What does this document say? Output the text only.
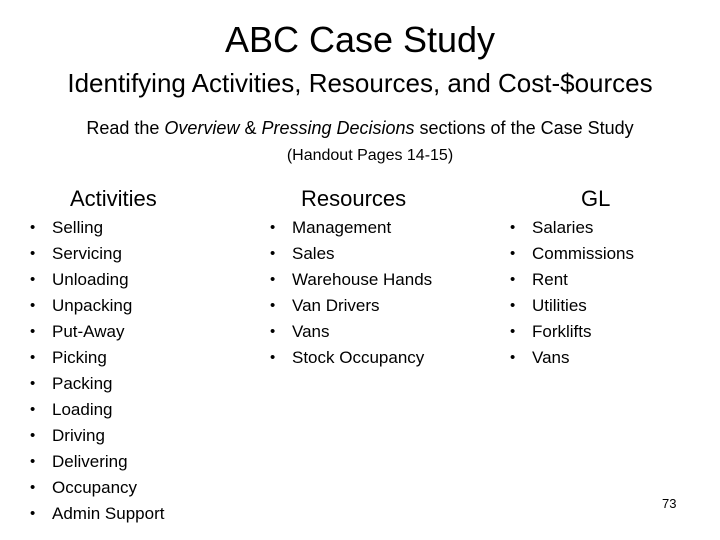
ABC Case Study
Identifying Activities, Resources, and Cost-$ources
Read the Overview & Pressing Decisions sections of the Case Study
(Handout Pages 14-15)
Activities	Resources	GL
• Selling
• Servicing
• Unloading
• Unpacking
• Put-Away
• Picking
• Packing
• Loading
• Driving
• Delivering
• Occupancy
• Admin Support
• Management
• Sales
• Warehouse Hands
• Van Drivers
• Vans
• Stock Occupancy
• Salaries
• Commissions
• Rent
• Utilities
• Forklifts
• Vans
73
